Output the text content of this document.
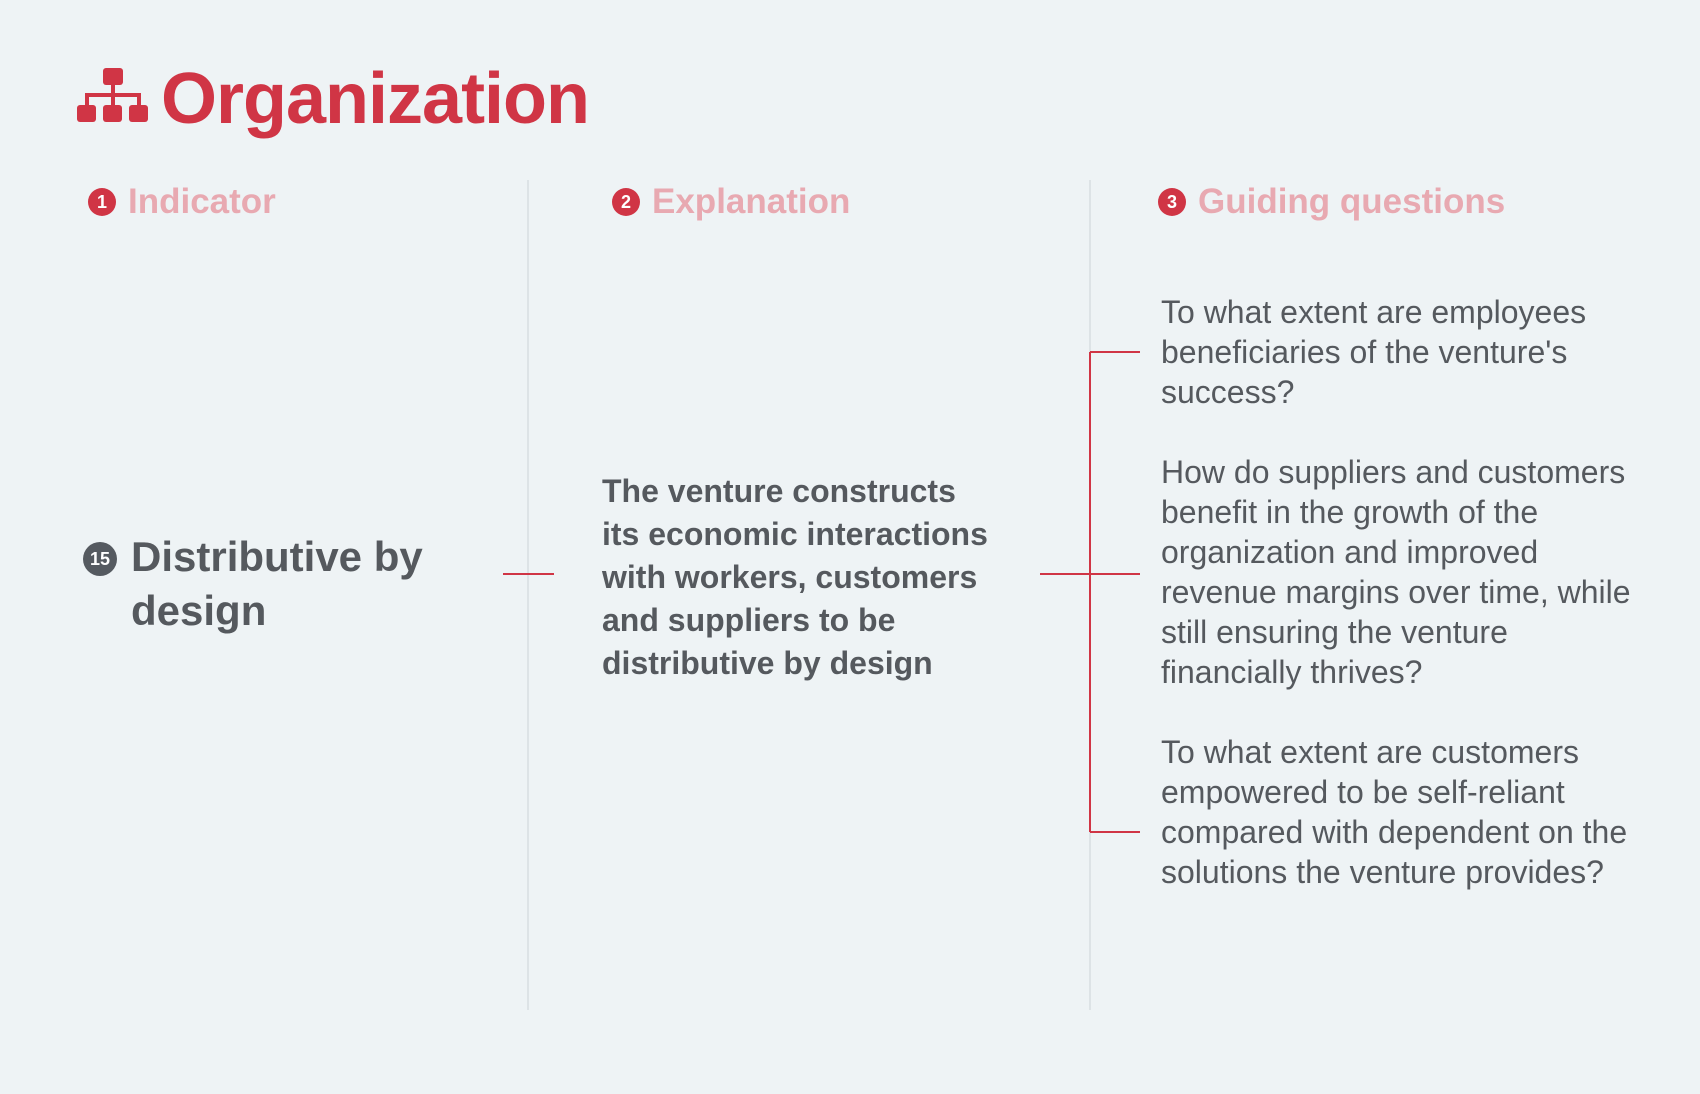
Organization
1 Indicator	2 Explanation	3 Guiding questions
15 Distributive by design
The venture constructs its economic interactions with workers, customers and suppliers to be distributive by design
To what extent are employees beneficiaries of the venture's success?
How do suppliers and customers benefit in the growth of the organization and improved revenue margins over time, while still ensuring the venture financially thrives?
To what extent are customers empowered to be self-reliant compared with dependent on the solutions the venture provides?
